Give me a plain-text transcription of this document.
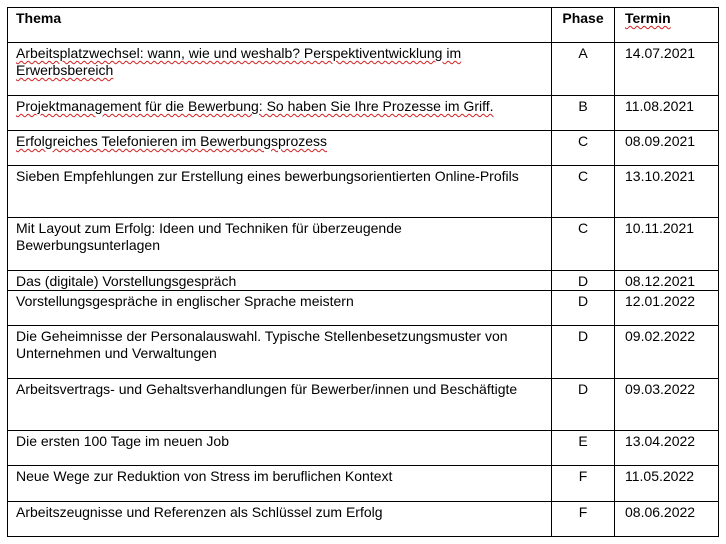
Thema	Phase	Termin
Arbeitsplatzwechsel: wann, wie und weshalb? Perspektiventwicklung im Erwerbsbereich	A	14.07.2021
Projektmanagement für die Bewerbung: So haben Sie Ihre Prozesse im Griff.	B	11.08.2021
Erfolgreiches Telefonieren im Bewerbungsprozess	C	08.09.2021
Sieben Empfehlungen zur Erstellung eines bewerbungsorientierten Online-Profils	C	13.10.2021
Mit Layout zum Erfolg: Ideen und Techniken für überzeugende Bewerbungsunterlagen	C	10.11.2021
Das (digitale) Vorstellungsgespräch	D	08.12.2021
Vorstellungsgespräche in englischer Sprache meistern	D	12.01.2022
Die Geheimnisse der Personalauswahl. Typische Stellenbesetzungsmuster von Unternehmen und Verwaltungen	D	09.02.2022
Arbeitsvertrags- und Gehaltsverhandlungen für Bewerber/innen und Beschäftigte	D	09.03.2022
Die ersten 100 Tage im neuen Job	E	13.04.2022
Neue Wege zur Reduktion von Stress im beruflichen Kontext	F	11.05.2022
Arbeitszeugnisse und Referenzen als Schlüssel zum Erfolg	F	08.06.2022
